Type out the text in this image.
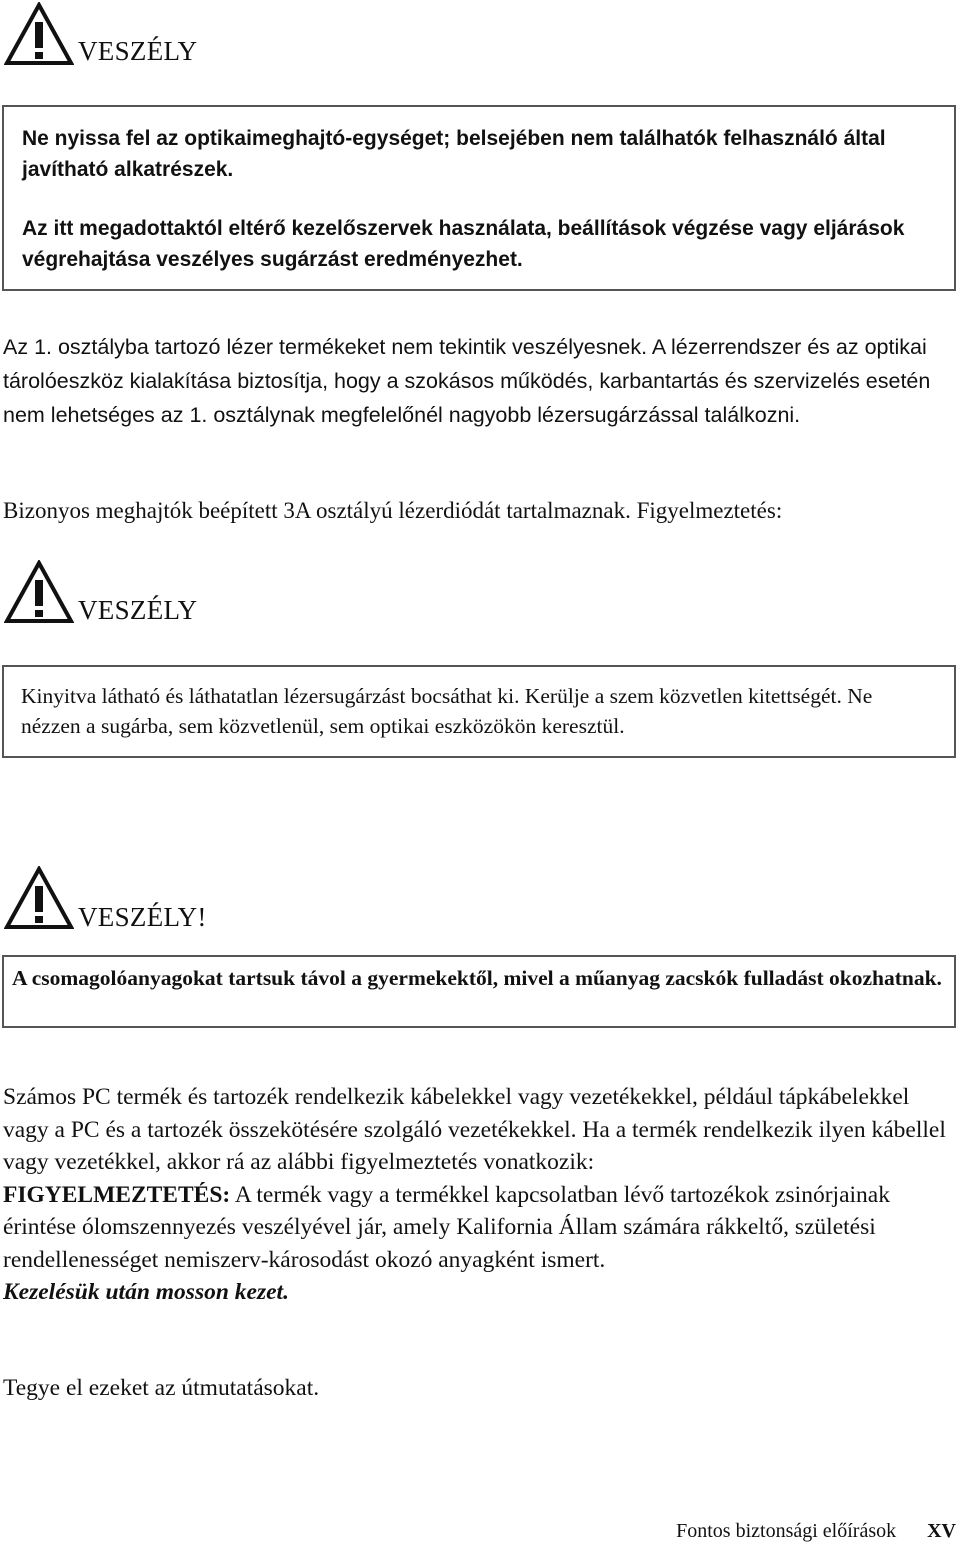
VESZÉLY

Ne nyissa fel az optikaimeghajtó-egységet; belsejében nem találhatók felhasználó által javítható alkatrészek.

Az itt megadottaktól eltérő kezelőszervek használata, beállítások végzése vagy eljárások végrehajtása veszélyes sugárzást eredményezhet.

Az 1. osztályba tartozó lézer termékeket nem tekintik veszélyesnek. A lézerrendszer és az optikai tárolóeszköz kialakítása biztosítja, hogy a szokásos működés, karbantartás és szervizelés esetén nem lehetséges az 1. osztálynak megfelelőnél nagyobb lézersugárzással találkozni.

Bizonyos meghajtók beépített 3A osztályú lézerdiódát tartalmaznak. Figyelmeztetés:

VESZÉLY

Kinyitva látható és láthatatlan lézersugárzást bocsáthat ki. Kerülje a szem közvetlen kitettségét. Ne nézzen a sugárba, sem közvetlenül, sem optikai eszközökön keresztül.

VESZÉLY!

A csomagolóanyagokat tartsuk távol a gyermekektől, mivel a műanyag zacskók fulladást okozhatnak.

Számos PC termék és tartozék rendelkezik kábelekkel vagy vezetékekkel, például tápkábelekkel vagy a PC és a tartozék összekötésére szolgáló vezetékekkel. Ha a termék rendelkezik ilyen kábellel vagy vezetékkel, akkor rá az alábbi figyelmeztetés vonatkozik:

FIGYELMEZTETÉS: A termék vagy a termékkel kapcsolatban lévő tartozékok zsinórjainak érintése ólomszennyezés veszélyével jár, amely Kalifornia Állam számára rákkeltő, születési rendellenességet nemiszerv-károsodást okozó anyagként ismert.

Kezelésük után mosson kezet.

Tegye el ezeket az útmutatásokat.

Fontos biztonsági előírások XV
